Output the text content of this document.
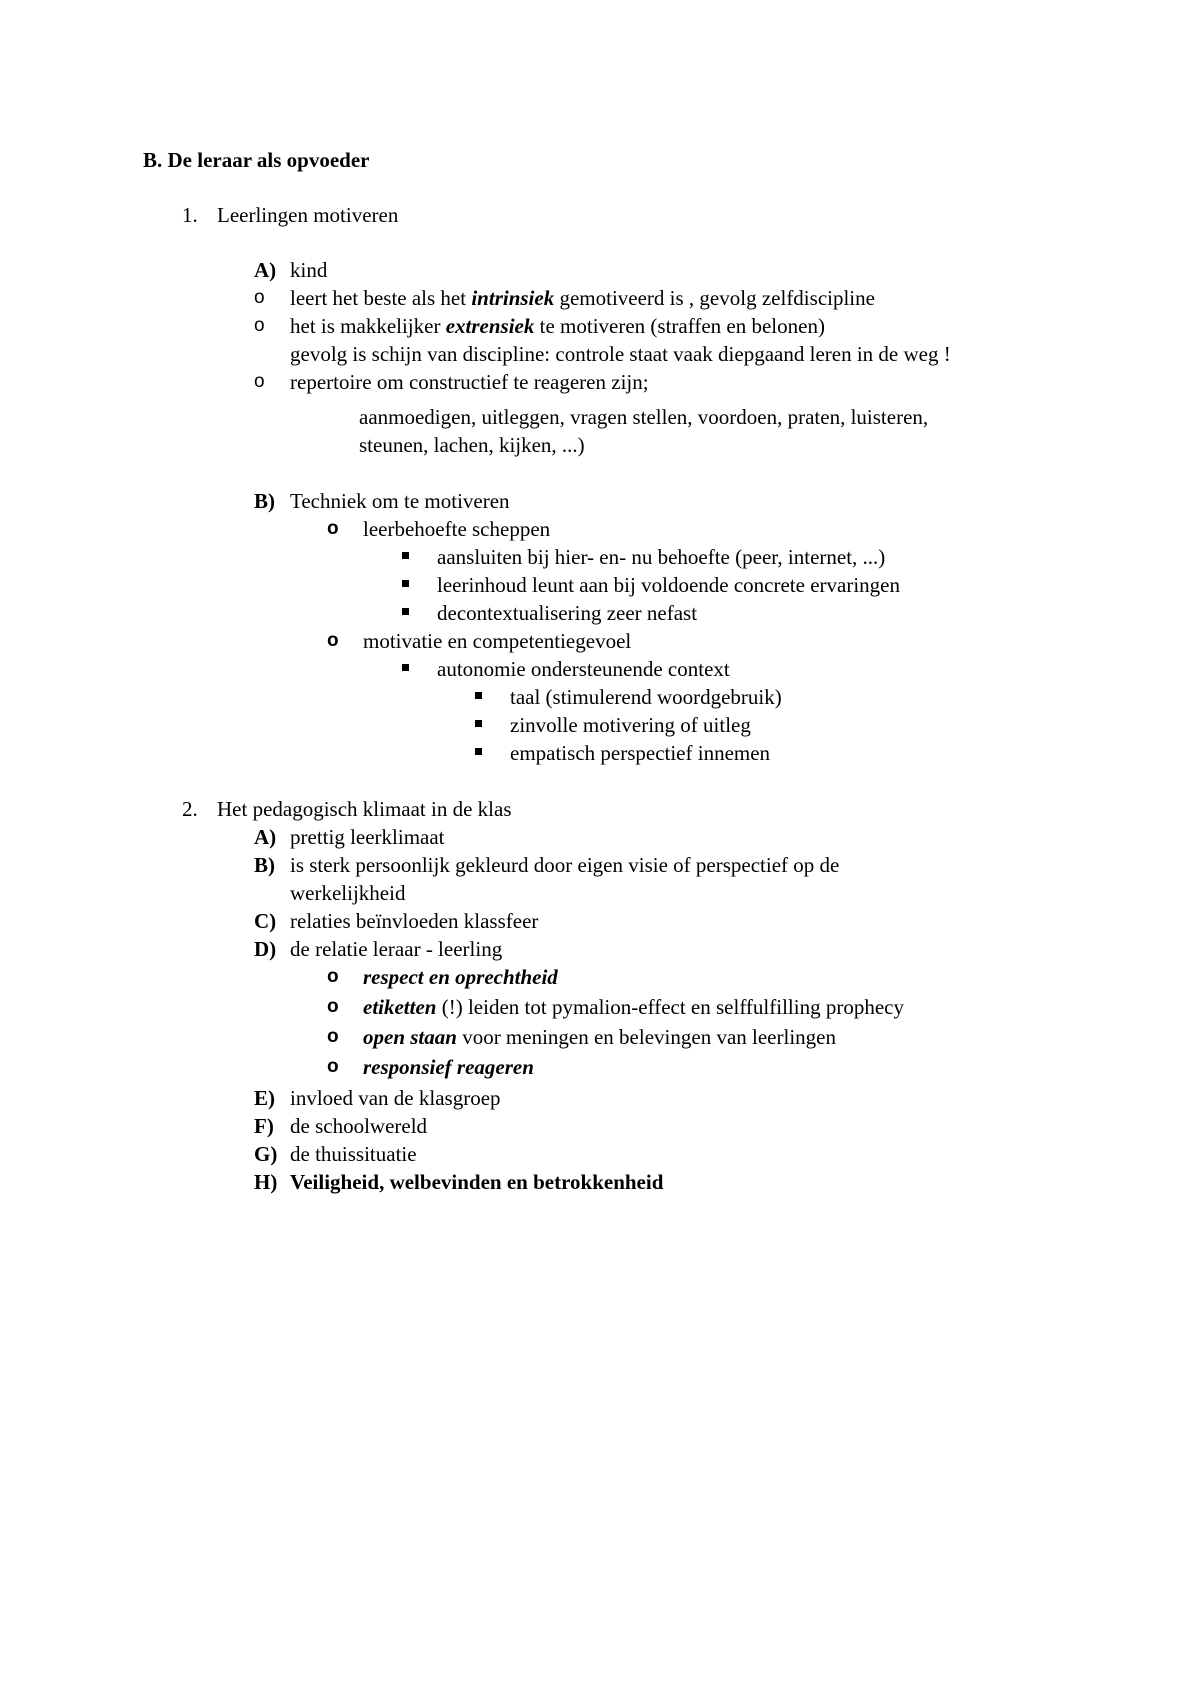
B. De leraar als opvoeder
1. Leerlingen motiveren
A) kind
o leert het beste als het intrinsiek gemotiveerd is , gevolg zelfdiscipline
o het is makkelijker extrensiek te motiveren (straffen en belonen)
gevolg is schijn van discipline: controle staat vaak diepgaand leren in de weg !
o repertoire om constructief te reageren zijn;
aanmoedigen, uitleggen, vragen stellen, voordoen, praten, luisteren,
steunen, lachen, kijken, ...)
B) Techniek om te motiveren
o leerbehoefte scheppen
aansluiten bij hier- en- nu behoefte (peer, internet, ...)
leerinhoud leunt aan bij voldoende concrete ervaringen
decontextualisering zeer nefast
o motivatie en competentiegevoel
autonomie ondersteunende context
taal (stimulerend woordgebruik)
zinvolle motivering of uitleg
empatisch perspectief innemen
2. Het pedagogisch klimaat in de klas
A) prettig leerklimaat
B) is sterk persoonlijk gekleurd door eigen visie of perspectief op de
werkelijkheid
C) relaties beïnvloeden klassfeer
D) de relatie leraar - leerling
o respect en oprechtheid
o etiketten (!) leiden tot pymalion-effect en selffulfilling prophecy
o open staan voor meningen en belevingen van leerlingen
o responsief reageren
E) invloed van de klasgroep
F) de schoolwereld
G) de thuissituatie
H) Veiligheid, welbevinden en betrokkenheid
